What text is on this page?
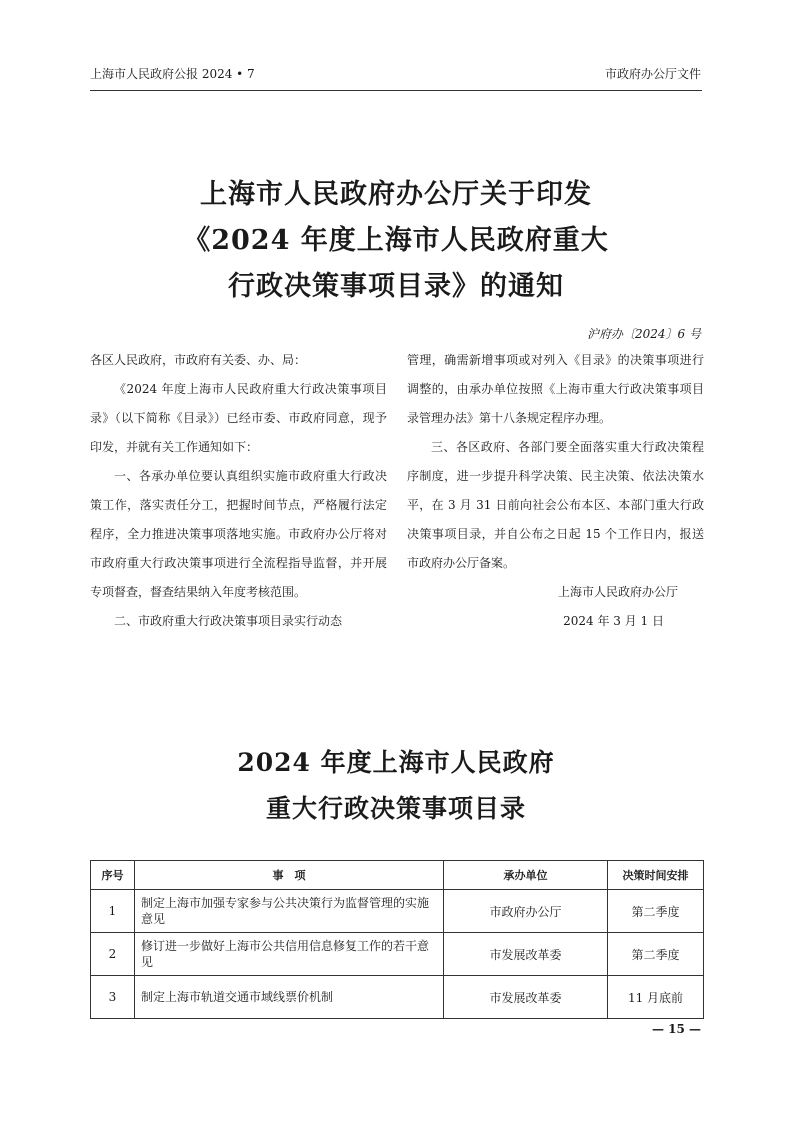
上海市人民政府公报 2024 • 7	市政府办公厅文件
上海市人民政府办公厅关于印发
《2024 年度上海市人民政府重大
行政决策事项目录》的通知
沪府办〔2024〕6 号

各区人民政府，市政府有关委、办、局：

《2024 年度上海市人民政府重大行政决策事项目录》（以下简称《目录》）已经市委、市政府同意，现予印发，并就有关工作通知如下：

一、各承办单位要认真组织实施市政府重大行政决策工作，落实责任分工，把握时间节点，严格履行法定程序，全力推进决策事项落地实施。市政府办公厅将对市政府重大行政决策事项进行全流程指导监督，并开展专项督查，督查结果纳入年度考核范围。

二、市政府重大行政决策事项目录实行动态

管理，确需新增事项或对列入《目录》的决策事项进行调整的，由承办单位按照《上海市重大行政决策事项目录管理办法》第十八条规定程序办理。

三、各区政府、各部门要全面落实重大行政决策程序制度，进一步提升科学决策、民主决策、依法决策水平，在 3 月 31 日前向社会公布本区、本部门重大行政决策事项目录，并自公布之日起 15 个工作日内，报送市政府办公厅备案。

上海市人民政府办公厅

2024 年 3 月 1 日

2024 年度上海市人民政府
重大行政决策事项目录
序号	事　项	承办单位	决策时间安排
1	制定上海市加强专家参与公共决策行为监督管理的实施意见	市政府办公厅	第二季度
2	修订进一步做好上海市公共信用信息修复工作的若干意见	市发展改革委	第二季度
3	制定上海市轨道交通市域线票价机制	市发展改革委	11 月底前
— 15 —
